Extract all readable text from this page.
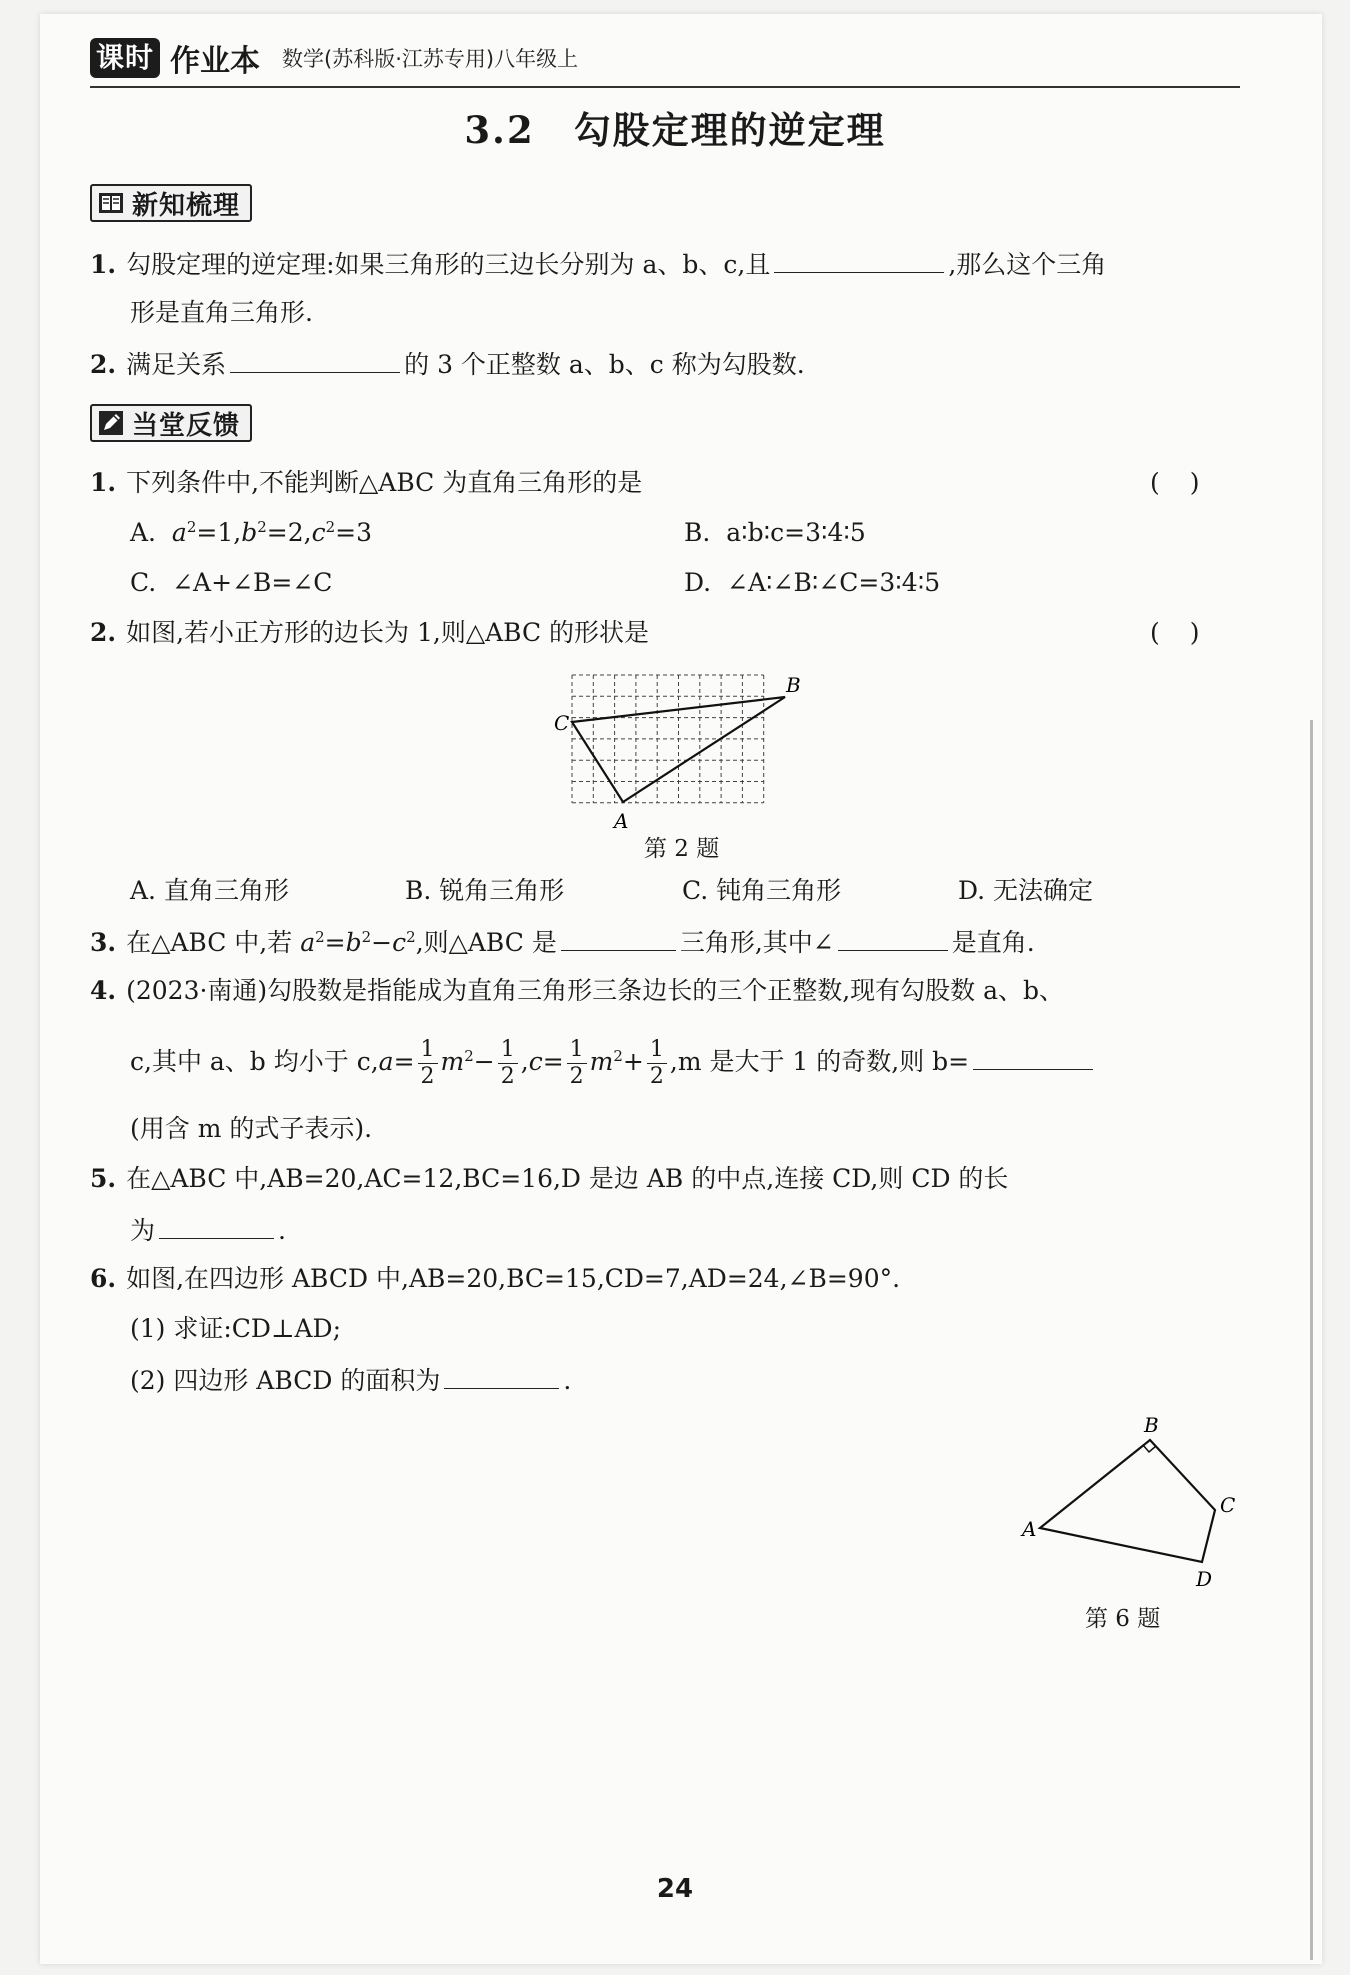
课时 作业本 数学(苏科版·江苏专用)八年级上
3.2　勾股定理的逆定理
新知梳理
1. 勾股定理的逆定理:如果三角形的三边长分别为 a、b、c,且	,那么这个三角
形是直角三角形.
2. 满足关系	的 3 个正整数 a、b、c 称为勾股数.
当堂反馈
1. 下列条件中,不能判断△ABC 为直角三角形的是	()
A. $a^2=1,b^2=2,c^2=3$	B. a∶b∶c=3∶4∶5
C. ∠A+∠B=∠C	D. ∠A∶∠B∶∠C=3∶4∶5
2. 如图,若小正方形的边长为 1,则△ABC 的形状是	()
C
B
A
第 2 题
A. 直角三角形	B. 锐角三角形	C. 钝角三角形	D. 无法确定
3. 在△ABC 中,若 $a^2=b^2-c^2$,则△ABC 是	三角形,其中∠	是直角.
4. (2023·南通)勾股数是指能成为直角三角形三条边长的三个正整数,现有勾股数 a、b、
c,其中 a、b 均小于 $c,a= \frac{1}{2} m^2- \frac{1}{2} ,c= \frac{1}{2} m^2+ \frac{1}{2} ,m$ 是大于 1 的奇数,则 b=
(用含 m 的式子表示).
5. 在△ABC 中,AB=20,AC=12,BC=16,D 是边 AB 的中点,连接 CD,则 CD 的长
为	.
6. 如图,在四边形 ABCD 中,AB=20,BC=15,CD=7,AD=24,∠B=90°.
(1) 求证:CD⊥AD;
(2) 四边形 ABCD 的面积为	.
B
A
C
D
第 6 题
24
